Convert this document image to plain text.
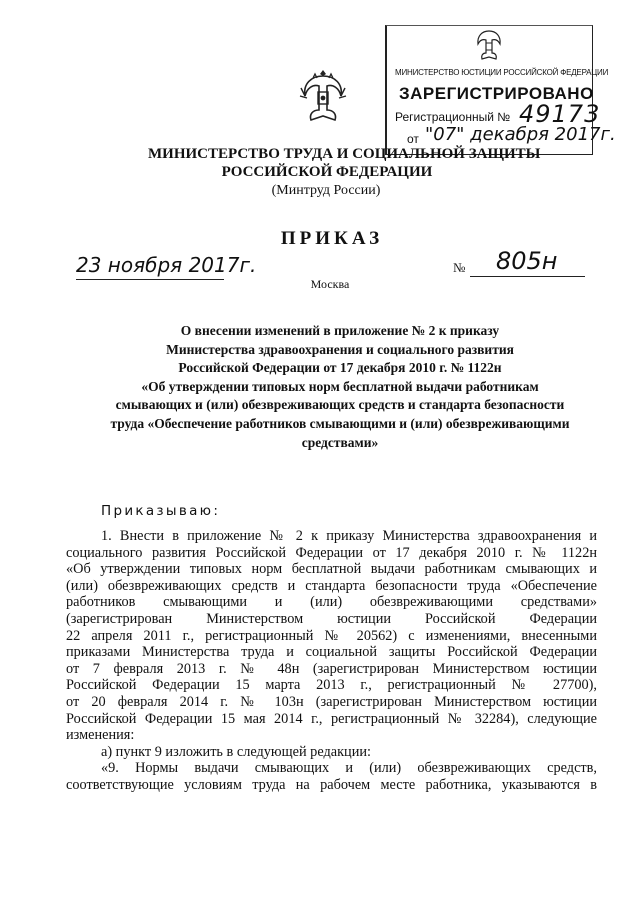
МИНИСТЕРСТВО ЮСТИЦИИ РОССИЙСКОЙ ФЕДЕРАЦИИ
ЗАРЕГИСТРИРОВАНО
Регистрационный № 49173
от "07" декабря 2017г.
МИНИСТЕРСТВО ТРУДА И СОЦИАЛЬНОЙ ЗАЩИТЫ
РОССИЙСКОЙ ФЕДЕРАЦИИ
(Минтруд России)
ПРИКАЗ
23 ноября 2017г.	№ 805н
Москва
О внесении изменений в приложение № 2 к приказу
Министерства здравоохранения и социального развития
Российской Федерации от 17 декабря 2010 г. № 1122н
«Об утверждении типовых норм бесплатной выдачи работникам
смывающих и (или) обезвреживающих средств и стандарта безопасности
труда «Обеспечение работников смывающими и (или) обезвреживающими
средствами»
Приказываю:
1. Внести в приложение № 2 к приказу Министерства здравоохранения и
социального развития Российской Федерации от 17 декабря 2010 г. № 1122н
«Об утверждении типовых норм бесплатной выдачи работникам смывающих и
(или) обезвреживающих средств и стандарта безопасности труда «Обеспечение
работников смывающими и (или) обезвреживающими средствами»
(зарегистрирован Министерством юстиции Российской Федерации
22 апреля 2011 г., регистрационный № 20562) с изменениями, внесенными
приказами Министерства труда и социальной защиты Российской Федерации
от 7 февраля 2013 г. № 48н (зарегистрирован Министерством юстиции
Российской Федерации 15 марта 2013 г., регистрационный № 27700),
от 20 февраля 2014 г. № 103н (зарегистрирован Министерством юстиции
Российской Федерации 15 мая 2014 г., регистрационный № 32284), следующие
изменения:
а) пункт 9 изложить в следующей редакции:
«9. Нормы выдачи смывающих и (или) обезвреживающих средств,
соответствующие условиям труда на рабочем месте работника, указываются в
